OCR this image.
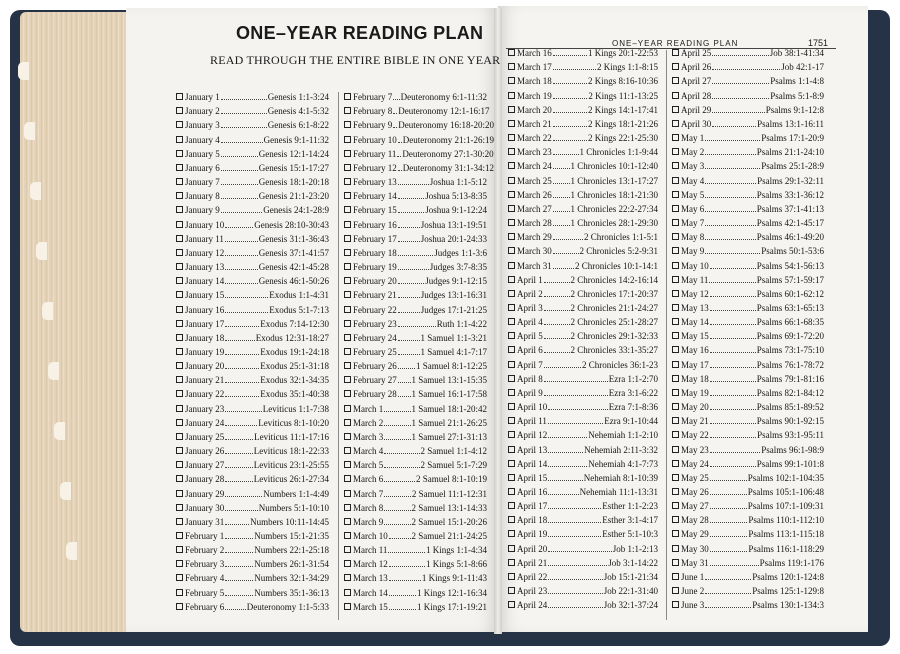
ONE–YEAR READING PLAN
READ THROUGH THE ENTIRE BIBLE IN ONE YEAR
ONE–YEAR READING PLAN	1751
January 1	Genesis 1:1-3:24
January 2	Genesis 4:1-5:32
January 3	Genesis 6:1-8:22
January 4	Genesis 9:1-11:32
January 5	Genesis 12:1-14:24
January 6	Genesis 15:1-17:27
January 7	Genesis 18:1-20:18
January 8	Genesis 21:1-23:20
January 9	Genesis 24:1-28:9
January 10	Genesis 28:10-30:43
January 11	Genesis 31:1-36:43
January 12	Genesis 37:1-41:57
January 13	Genesis 42:1-45:28
January 14	Genesis 46:1-50:26
January 15	Exodus 1:1-4:31
January 16	Exodus 5:1-7:13
January 17	Exodus 7:14-12:30
January 18	Exodus 12:31-18:27
January 19	Exodus 19:1-24:18
January 20	Exodus 25:1-31:18
January 21	Exodus 32:1-34:35
January 22	Exodus 35:1-40:38
January 23	Leviticus 1:1-7:38
January 24	Leviticus 8:1-10:20
January 25	Leviticus 11:1-17:16
January 26	Leviticus 18:1-22:33
January 27	Leviticus 23:1-25:55
January 28	Leviticus 26:1-27:34
January 29	Numbers 1:1-4:49
January 30	Numbers 5:1-10:10
January 31	Numbers 10:11-14:45
February 1	Numbers 15:1-21:35
February 2	Numbers 22:1-25:18
February 3	Numbers 26:1-31:54
February 4	Numbers 32:1-34:29
February 5	Numbers 35:1-36:13
February 6	Deuteronomy 1:1-5:33
February 7 Deuteronomy 6:1-11:32
February 8 Deuteronomy 12:1-16:17
February 9 Deuteronomy 16:18-20:20
February 10 Deuteronomy 21:1-26:19
February 11 Deuteronomy 27:1-30:20
February 12 Deuteronomy 31:1-34:12
February 13	Joshua 1:1-5:12
February 14	Joshua 5:13-8:35
February 15	Joshua 9:1-12:24
February 16	Joshua 13:1-19:51
February 17	Joshua 20:1-24:33
February 18	Judges 1:1-3:6
February 19	Judges 3:7-8:35
February 20	Judges 9:1-12:15
February 21	Judges 13:1-16:31
February 22	Judges 17:1-21:25
February 23	Ruth 1:1-4:22
February 24	1 Samuel 1:1-3:21
February 25	1 Samuel 4:1-7:17
February 26 1 Samuel 8:1-12:25
February 27 1 Samuel 13:1-15:35
February 28 1 Samuel 16:1-17:58
March 1	1 Samuel 18:1-20:42
March 2	1 Samuel 21:1-26:25
March 3	1 Samuel 27:1-31:13
March 4	2 Samuel 1:1-4:12
March 5	2 Samuel 5:1-7:29
March 6	2 Samuel 8:1-10:19
March 7	2 Samuel 11:1-12:31
March 8	2 Samuel 13:1-14:33
March 9	2 Samuel 15:1-20:26
March 10	2 Samuel 21:1-24:25
March 11	1 Kings 1:1-4:34
March 12	1 Kings 5:1-8:66
March 13	1 Kings 9:1-11:43
March 14	1 Kings 12:1-16:34
March 15	1 Kings 17:1-19:21
March 16	1 Kings 20:1-22:53
March 17	2 Kings 1:1-8:15
March 18	2 Kings 8:16-10:36
March 19	2 Kings 11:1-13:25
March 20	2 Kings 14:1-17:41
March 21	2 Kings 18:1-21:26
March 22	2 Kings 22:1-25:30
March 23	1 Chronicles 1:1-9:44
March 24 1 Chronicles 10:1-12:40
March 25 1 Chronicles 13:1-17:27
March 26 1 Chronicles 18:1-21:30
March 27 1 Chronicles 22:2-27:34
March 28 1 Chronicles 28:1-29:30
March 29	2 Chronicles 1:1-5:1
March 30	2 Chronicles 5:2-9:31
March 31	2 Chronicles 10:1-14:1
April 1	2 Chronicles 14:2-16:14
April 2	2 Chronicles 17:1-20:37
April 3	2 Chronicles 21:1-24:27
April 4	2 Chronicles 25:1-28:27
April 5	2 Chronicles 29:1-32:33
April 6	2 Chronicles 33:1-35:27
April 7	2 Chronicles 36:1-23
April 8	Ezra 1:1-2:70
April 9	Ezra 3:1-6:22
April 10	Ezra 7:1-8:36
April 11	Ezra 9:1-10:44
April 12	Nehemiah 1:1-2:10
April 13	Nehemiah 2:11-3:32
April 14	Nehemiah 4:1-7:73
April 15	Nehemiah 8:1-10:39
April 16	Nehemiah 11:1-13:31
April 17	Esther 1:1-2:23
April 18	Esther 3:1-4:17
April 19	Esther 5:1-10:3
April 20	Job 1:1-2:13
April 21	Job 3:1-14:22
April 22	Job 15:1-21:34
April 23	Job 22:1-31:40
April 24	Job 32:1-37:24
April 25	Job 38:1-41:34
April 26	Job 42:1-17
April 27	Psalms 1:1-4:8
April 28	Psalms 5:1-8:9
April 29	Psalms 9:1-12:8
April 30	Psalms 13:1-16:11
May 1	Psalms 17:1-20:9
May 2	Psalms 21:1-24:10
May 3	Psalms 25:1-28:9
May 4	Psalms 29:1-32:11
May 5	Psalms 33:1-36:12
May 6	Psalms 37:1-41:13
May 7	Psalms 42:1-45:17
May 8	Psalms 46:1-49:20
May 9	Psalms 50:1-53:6
May 10	Psalms 54:1-56:13
May 11	Psalms 57:1-59:17
May 12	Psalms 60:1-62:12
May 13	Psalms 63:1-65:13
May 14	Psalms 66:1-68:35
May 15	Psalms 69:1-72:20
May 16	Psalms 73:1-75:10
May 17	Psalms 76:1-78:72
May 18	Psalms 79:1-81:16
May 19	Psalms 82:1-84:12
May 20	Psalms 85:1-89:52
May 21	Psalms 90:1-92:15
May 22	Psalms 93:1-95:11
May 23	Psalms 96:1-98:9
May 24	Psalms 99:1-101:8
May 25	Psalms 102:1-104:35
May 26	Psalms 105:1-106:48
May 27	Psalms 107:1-109:31
May 28	Psalms 110:1-112:10
May 29	Psalms 113:1-115:18
May 30	Psalms 116:1-118:29
May 31	Psalms 119:1-176
June 1	Psalms 120:1-124:8
June 2	Psalms 125:1-129:8
June 3	Psalms 130:1-134:3
